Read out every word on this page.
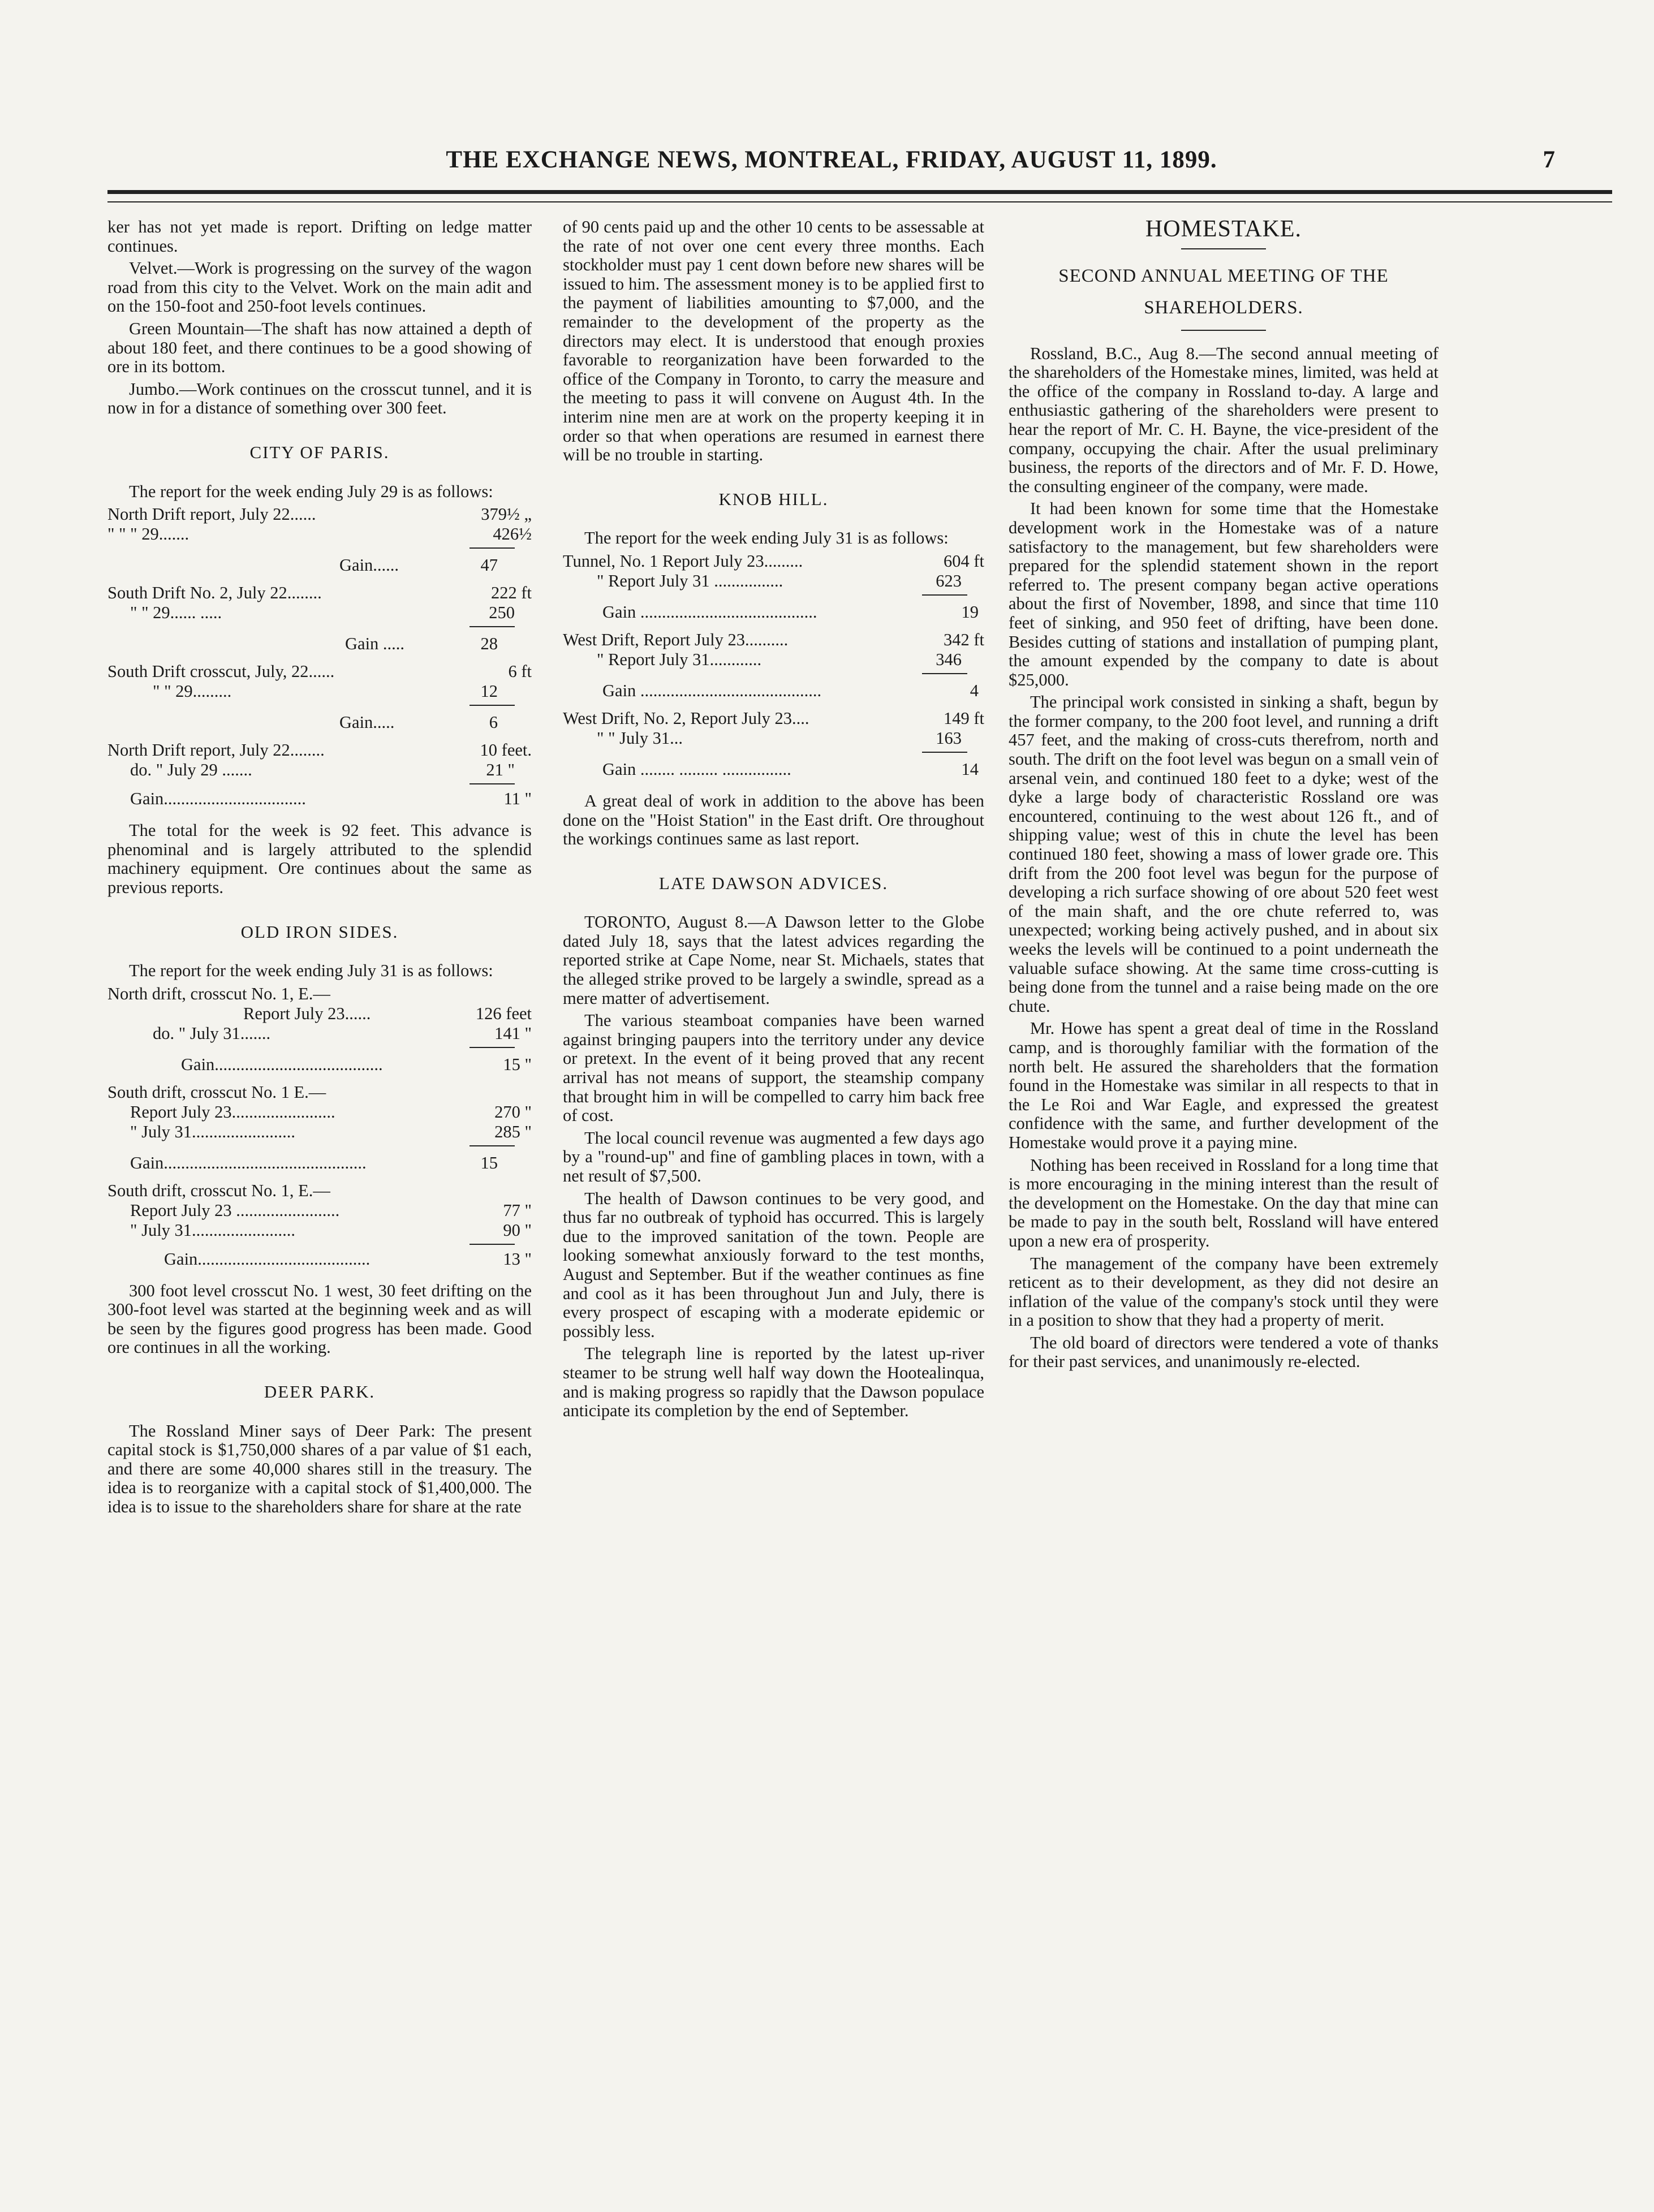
THE EXCHANGE NEWS, MONTREAL, FRIDAY, AUGUST 11, 1899.	7

ker has not yet made is report. Drifting on ledge matter continues.

Velvet.—Work is progressing on the survey of the wagon road from this city to the Velvet. Work on the main adit and on the 150-foot and 250-foot levels continues.

Green Mountain—The shaft has now attained a depth of about 180 feet, and there continues to be a good showing of ore in its bottom.

Jumbo.—Work continues on the crosscut tunnel, and it is now in for a distance of something over 300 feet.

CITY OF PARIS.

The report for the week ending July 29 is as follows:

North Drift report, July 22......	379½ „
" " " 29.......	426½
Gain......	47
South Drift No. 2, July 22........	222 ft
" " 29...... .....	250
Gain .....	28
South Drift crosscut, July, 22......	6 ft
" " 29.........	12
Gain.....	6
North Drift report, July 22........	10 feet.
do. " July 29 .......	21 "
Gain.................................	11 "

The total for the week is 92 feet. This advance is phenominal and is largely attributed to the splendid machinery equipment. Ore continues about the same as previous reports.

OLD IRON SIDES.

The report for the week ending July 31 is as follows:

North drift, crosscut No. 1, E.—
Report July 23......	126 feet
do. " July 31.......	141 "
Gain.......................................	15 "
South drift, crosscut No. 1 E.—
Report July 23........................	270 "
" July 31........................	285 "
Gain...............................................	15
South drift, crosscut No. 1, E.—
Report July 23 ........................	77 "
" July 31........................	90 "
Gain........................................	13 "

300 foot level crosscut No. 1 west, 30 feet drifting on the 300-foot level was started at the beginning week and as will be seen by the figures good progress has been made. Good ore continues in all the working.

DEER PARK.

The Rossland Miner says of Deer Park: The present capital stock is $1,750,000 shares of a par value of $1 each, and there are some 40,000 shares still in the treasury. The idea is to reorganize with a capital stock of $1,400,000. The idea is to issue to the shareholders share for share at the rate

of 90 cents paid up and the other 10 cents to be assessable at the rate of not over one cent every three months. Each stockholder must pay 1 cent down before new shares will be issued to him. The assessment money is to be applied first to the payment of liabilities amounting to $7,000, and the remainder to the development of the property as the directors may elect. It is understood that enough proxies favorable to reorganization have been forwarded to the office of the Company in Toronto, to carry the measure and the meeting to pass it will convene on August 4th. In the interim nine men are at work on the property keeping it in order so that when operations are resumed in earnest there will be no trouble in starting.

KNOB HILL.

The report for the week ending July 31 is as follows:

Tunnel, No. 1 Report July 23.........	604 ft
" Report July 31 ................	623
Gain .........................................	19
West Drift, Report July 23..........	342 ft
" Report July 31............	346
Gain ..........................................	4
West Drift, No. 2, Report July 23....	149 ft
" " July 31...	163
Gain ........ ......... ................	14

A great deal of work in addition to the above has been done on the "Hoist Station" in the East drift. Ore throughout the workings continues same as last report.

LATE DAWSON ADVICES.

TORONTO, August 8.—A Dawson letter to the Globe dated July 18, says that the latest advices regarding the reported strike at Cape Nome, near St. Michaels, states that the alleged strike proved to be largely a swindle, spread as a mere matter of advertisement.

The various steamboat companies have been warned against bringing paupers into the territory under any device or pretext. In the event of it being proved that any recent arrival has not means of support, the steamship company that brought him in will be compelled to carry him back free of cost.

The local council revenue was augmented a few days ago by a "round-up" and fine of gambling places in town, with a net result of $7,500.

The health of Dawson continues to be very good, and thus far no outbreak of typhoid has occurred. This is largely due to the improved sanitation of the town. People are looking somewhat anxiously forward to the test months, August and September. But if the weather continues as fine and cool as it has been throughout Jun and July, there is every prospect of escaping with a moderate epidemic or possibly less.

The telegraph line is reported by the latest up-river steamer to be strung well half way down the Hootealinqua, and is making progress so rapidly that the Dawson populace anticipate its completion by the end of September.

HOMESTAKE.
SECOND ANNUAL MEETING OF THE
SHAREHOLDERS.

Rossland, B.C., Aug 8.—The second annual meeting of the shareholders of the Homestake mines, limited, was held at the office of the company in Rossland to-day. A large and enthusiastic gathering of the shareholders were present to hear the report of Mr. C. H. Bayne, the vice-president of the company, occupying the chair. After the usual preliminary business, the reports of the directors and of Mr. F. D. Howe, the consulting engineer of the company, were made.

It had been known for some time that the Homestake development work in the Homestake was of a nature satisfactory to the management, but few shareholders were prepared for the splendid statement shown in the report referred to. The present company began active operations about the first of November, 1898, and since that time 110 feet of sinking, and 950 feet of drifting, have been done. Besides cutting of stations and installation of pumping plant, the amount expended by the company to date is about $25,000.

The principal work consisted in sinking a shaft, begun by the former company, to the 200 foot level, and running a drift 457 feet, and the making of cross-cuts therefrom, north and south. The drift on the foot level was begun on a small vein of arsenal vein, and continued 180 feet to a dyke; west of the dyke a large body of characteristic Rossland ore was encountered, continuing to the west about 126 ft., and of shipping value; west of this in chute the level has been continued 180 feet, showing a mass of lower grade ore. This drift from the 200 foot level was begun for the purpose of developing a rich surface showing of ore about 520 feet west of the main shaft, and the ore chute referred to, was unexpected; working being actively pushed, and in about six weeks the levels will be continued to a point underneath the valuable suface showing. At the same time cross-cutting is being done from the tunnel and a raise being made on the ore chute.

Mr. Howe has spent a great deal of time in the Rossland camp, and is thoroughly familiar with the formation of the north belt. He assured the shareholders that the formation found in the Homestake was similar in all respects to that in the Le Roi and War Eagle, and expressed the greatest confidence with the same, and further development of the Homestake would prove it a paying mine.

Nothing has been received in Rossland for a long time that is more encouraging in the mining interest than the result of the development on the Homestake. On the day that mine can be made to pay in the south belt, Rossland will have entered upon a new era of prosperity.

The management of the company have been extremely reticent as to their development, as they did not desire an inflation of the value of the company's stock until they were in a position to show that they had a property of merit.

The old board of directors were tendered a vote of thanks for their past services, and unanimously re-elected.
